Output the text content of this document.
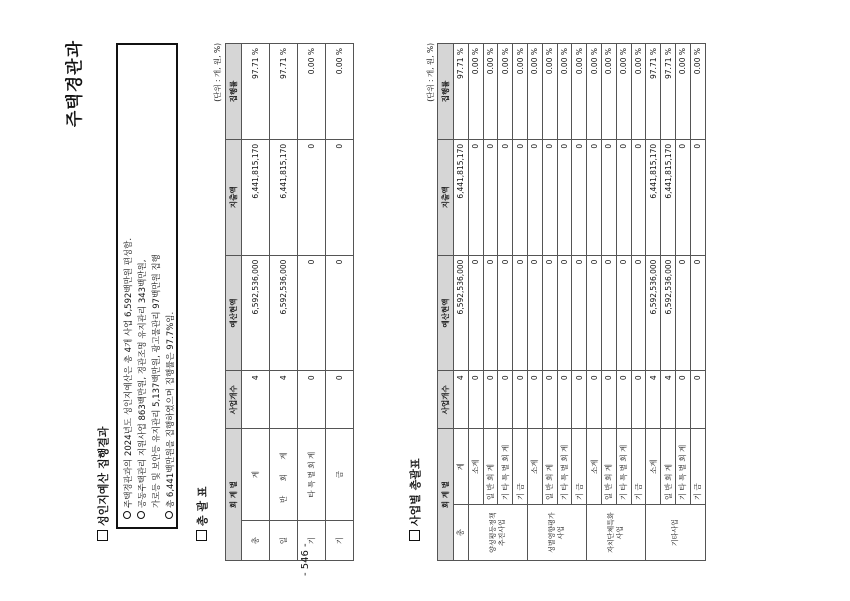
주택경관과
성인지예산 집행결과 주택경관과의 2024년도 성인지예산은 총 4개 사업 6,592백만원 편성함. 공동주택관리 지원사업 863백만원, 경관조명 유지관리 343백만원, 가로등 및 보안등 유지관리 5,137백만원, 광고물관리 97백만원 집행 총 6,441백만원을 집행하였으며 집행률은 97.7%임. 총 괄 표
(단위 : 개, 원, %)
회 계 별		사업개수	예산현액	지출액	집행률
총	계	4	6,592,536,000	6,441,815,170	97.71 %
일	반 회 계	4	6,592,536,000	6,441,815,170	97.71 %
기	타 특 별 회 계	0	0	0	0.00 %
기	금	0	0	0	0.00 %
사업별 총괄표
(단위 : 개, 원, %)
회 계 별		사업개수	예산현액	지출액	집행률
총	계	4	6,592,536,000	6,441,815,170	97.71 %
양성평등정책 추진사업	소계	0	0	0	0.00 %
	일 반 회 계	0	0	0	0.00 %
	기 타 특 별 회 계	0	0	0	0.00 %
	기 금	0	0	0	0.00 %
성별영향평가 사업	소계	0	0	0	0.00 %
	일 반 회 계	0	0	0	0.00 %
	기 타 특 별 회 계	0	0	0	0.00 %
	기 금	0	0	0	0.00 %
자치단체특화 사업	소계	0	0	0	0.00 %
	일 반 회 계	0	0	0	0.00 %
	기 타 특 별 회 계	0	0	0	0.00 %
	기 금	0	0	0	0.00 %
기타사업	소계	4	6,592,536,000	6,441,815,170	97.71 %
	일 반 회 계	4	6,592,536,000	6,441,815,170	97.71 %
	기 타 특 별 회 계	0	0	0	0.00 %
	기 금	0	0	0	0.00 %
- 546 -
